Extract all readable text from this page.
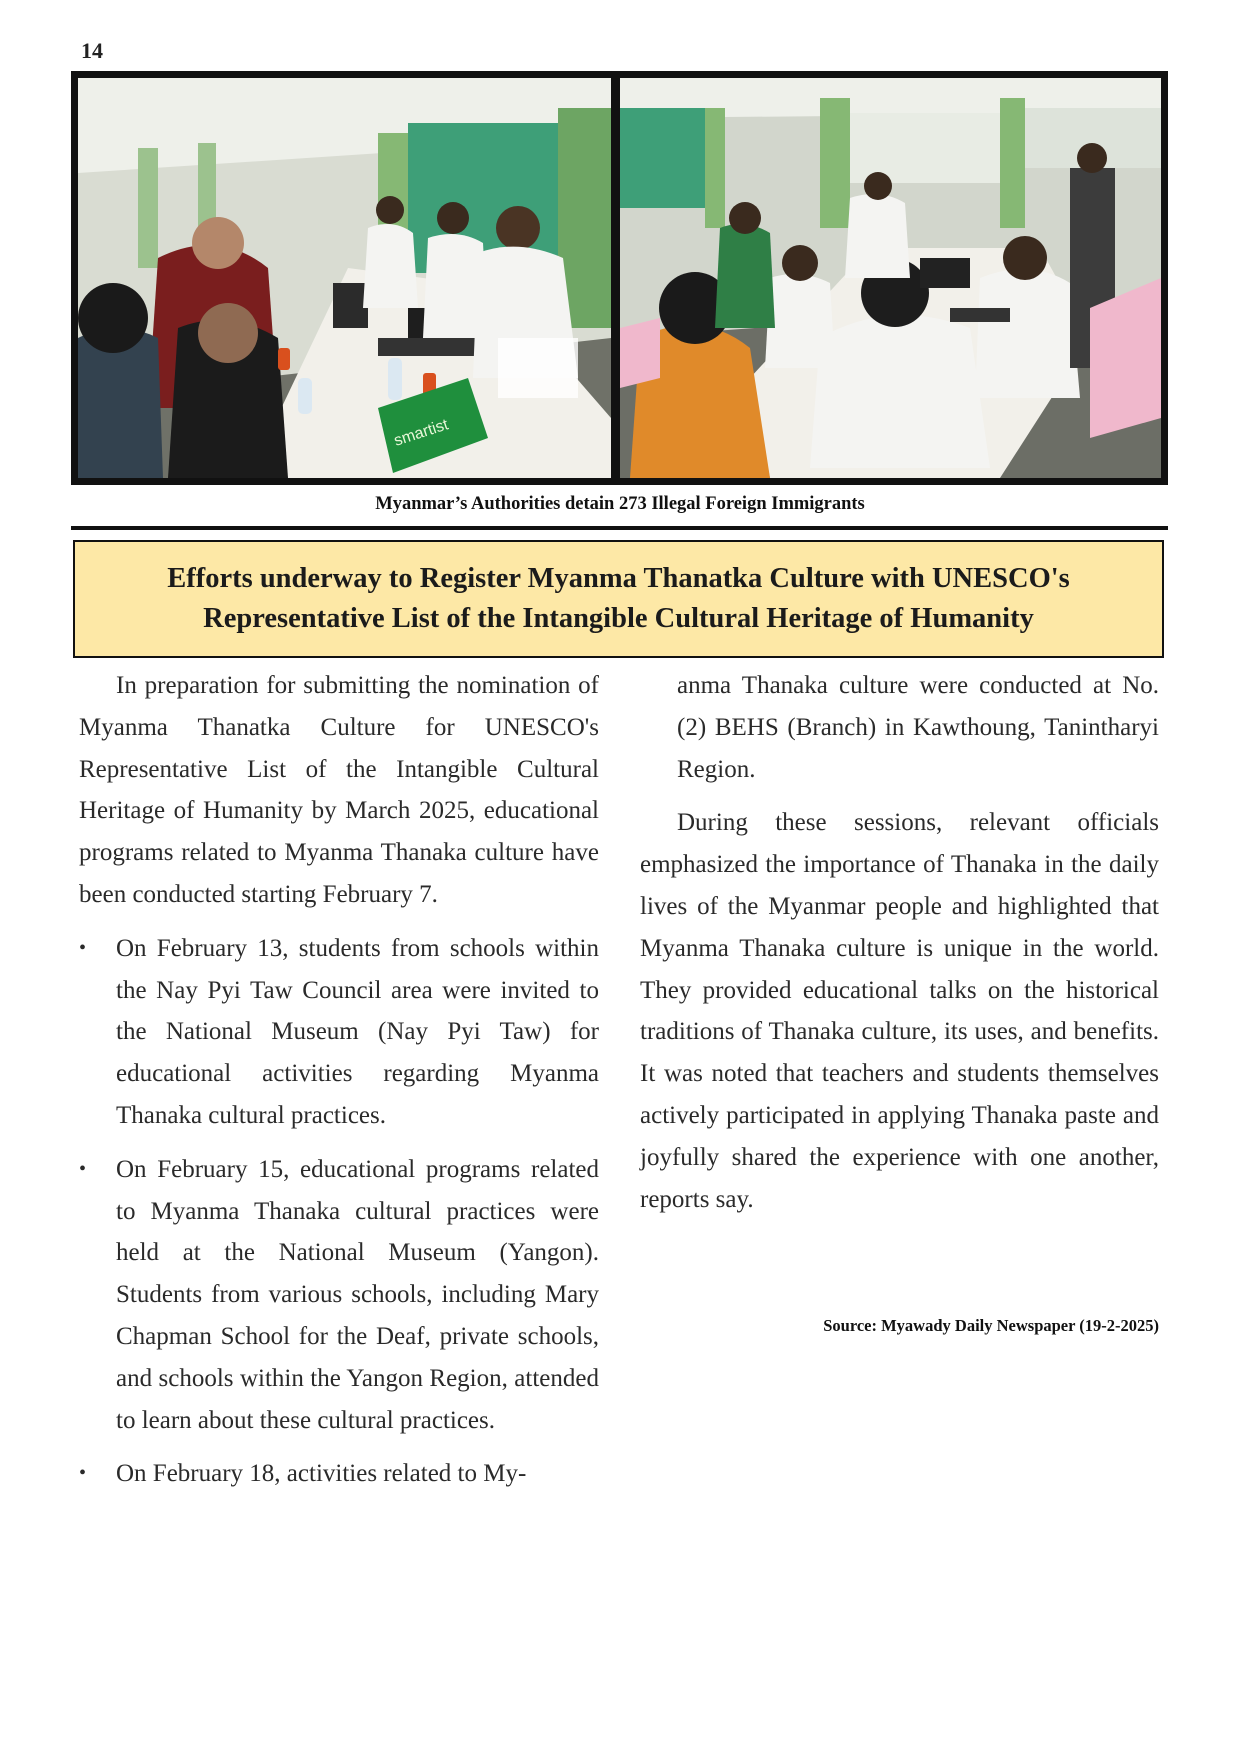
14
smartist
Myanmar’s Authorities detain 273 Illegal Foreign Immigrants
Efforts underway to Register Myanma Thanatka Culture with UNESCO's
Representative List of the Intangible Cultural Heritage of Humanity

In preparation for submitting the nomination of Myanma Thanatka Culture for UNESCO's Representative List of the Intangible Cultural Heritage of Humanity by March 2025, educational programs related to Myanma Thanaka culture have been conducted starting February 7.

• On February 13, students from schools within the Nay Pyi Taw Council area were invited to the National Museum (Nay Pyi Taw) for educational activities regarding Myanma Thanaka cultural practices.
• On February 15, educational programs related to Myanma Thanaka cultural practices were held at the National Museum (Yangon). Students from various schools, including Mary Chapman School for the Deaf, private schools, and schools within the Yangon Region, attended to learn about these cultural practices.
• On February 18, activities related to My-

anma Thanaka culture were conducted at No. (2) BEHS (Branch) in Kawthoung, Tanintharyi Region.

During these sessions, relevant officials emphasized the importance of Thanaka in the daily lives of the Myanmar people and highlighted that Myanma Thanaka culture is unique in the world. They provided educational talks on the historical traditions of Thanaka culture, its uses, and benefits. It was noted that teachers and students themselves actively participated in applying Thanaka paste and joyfully shared the experience with one another, reports say.

Source: Myawady Daily Newspaper (19-2-2025)
